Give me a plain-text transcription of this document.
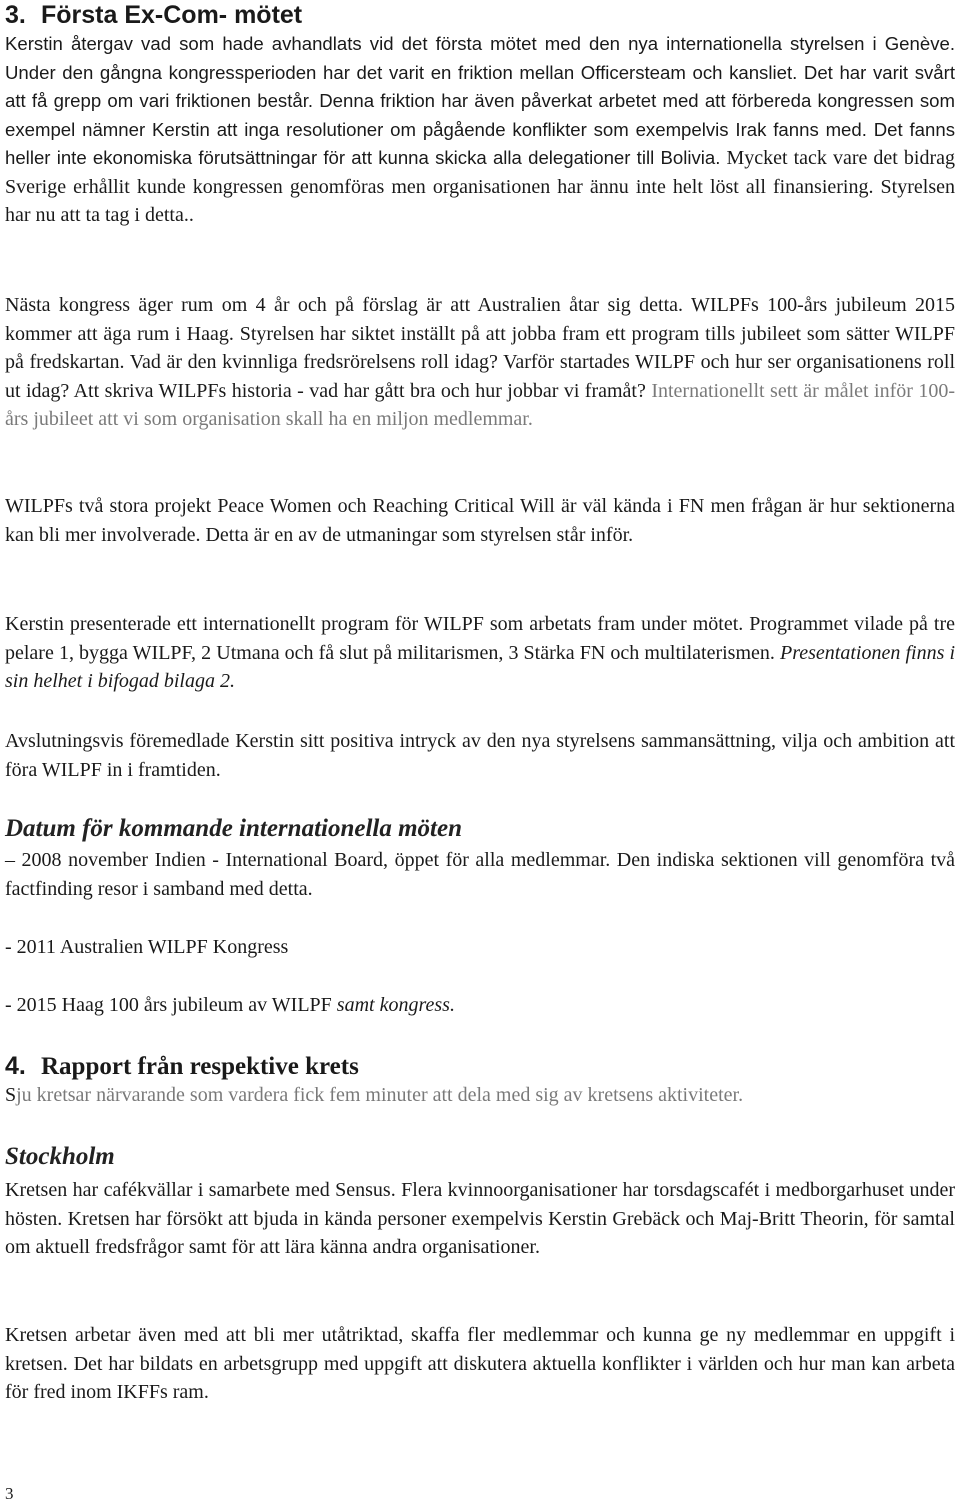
3. Första Ex-Com- mötet

Kerstin återgav vad som hade avhandlats vid det första mötet med den nya internationella styrelsen i Genève. Under den gångna kongressperioden har det varit en friktion mellan Officersteam och kansliet. Det har varit svårt att få grepp om vari friktionen består. Denna friktion har även påverkat arbetet med att förbereda kongressen som exempel nämner Kerstin att inga resolutioner om pågående konflikter som exempelvis Irak fanns med. Det fanns heller inte ekonomiska förutsättningar för att kunna skicka alla delegationer till Bolivia. Mycket tack vare det bidrag Sverige erhållit kunde kongressen genomföras men organisationen har ännu inte helt löst all finansiering. Styrelsen har nu att ta tag i detta..

Nästa kongress äger rum om 4 år och på förslag är att Australien åtar sig detta. WILPFs 100-års jubileum 2015 kommer att äga rum i Haag. Styrelsen har siktet inställt på att jobba fram ett program tills jubileet som sätter WILPF på fredskartan. Vad är den kvinnliga fredsrörelsens roll idag? Varför startades WILPF och hur ser organisationens roll ut idag? Att skriva WILPFs historia - vad har gått bra och hur jobbar vi framåt? Internationellt sett är målet inför 100-års jubileet att vi som organisation skall ha en miljon medlemmar.

WILPFs två stora projekt Peace Women och Reaching Critical Will är väl kända i FN men frågan är hur sektionerna kan bli mer involverade. Detta är en av de utmaningar som styrelsen står inför.

Kerstin presenterade ett internationellt program för WILPF som arbetats fram under mötet. Programmet vilade på tre pelare 1, bygga WILPF, 2 Utmana och få slut på militarismen, 3 Stärka FN och multilaterismen. Presentationen finns i sin helhet i bifogad bilaga 2.

Avslutningsvis föremedlade Kerstin sitt positiva intryck av den nya styrelsens sammansättning, vilja och ambition att föra WILPF in i framtiden.

Datum för kommande internationella möten

– 2008 november Indien - International Board, öppet för alla medlemmar. Den indiska sektionen vill genomföra två factfinding resor i samband med detta.

- 2011 Australien WILPF Kongress

- 2015 Haag 100 års jubileum av WILPF samt kongress.

4. Rapport från respektive krets

Sju kretsar närvarande som vardera fick fem minuter att dela med sig av kretsens aktiviteter.

Stockholm

Kretsen har cafékvällar i samarbete med Sensus. Flera kvinnoorganisationer har torsdagscafét i medborgarhuset under hösten. Kretsen har försökt att bjuda in kända personer exempelvis Kerstin Grebäck och Maj-Britt Theorin, för samtal om aktuell fredsfrågor samt för att lära känna andra organisationer.

Kretsen arbetar även med att bli mer utåtriktad, skaffa fler medlemmar och kunna ge ny medlemmar en uppgift i kretsen. Det har bildats en arbetsgrupp med uppgift att diskutera aktuella konflikter i världen och hur man kan arbeta för fred inom IKFFs ram.

3
